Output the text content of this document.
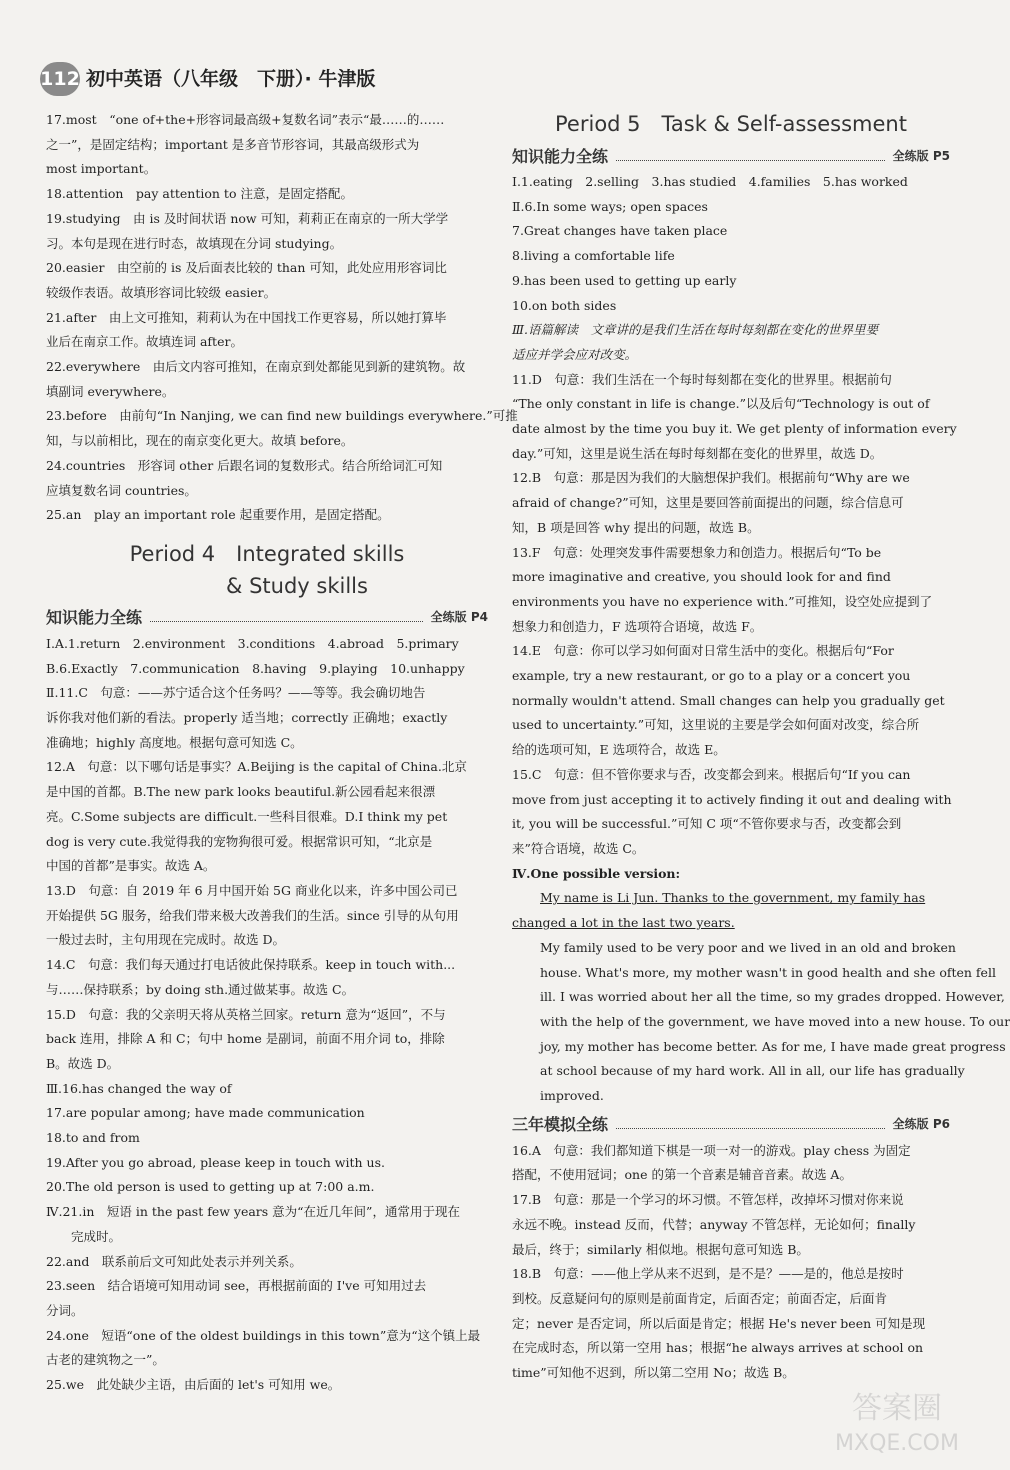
112 初中英语（八年级　下册）· 牛津版
17.most　“one of+the+形容词最高级+复数名词”表示“最……的……
之一”，是固定结构；important 是多音节形容词，其最高级形式为
most important。
18.attention　pay attention to 注意，是固定搭配。
19.studying　由 is 及时间状语 now 可知，莉莉正在南京的一所大学学
习。本句是现在进行时态，故填现在分词 studying。
20.easier　由空前的 is 及后面表比较的 than 可知，此处应用形容词比
较级作表语。故填形容词比较级 easier。
21.after　由上文可推知，莉莉认为在中国找工作更容易，所以她打算毕
业后在南京工作。故填连词 after。
22.everywhere　由后文内容可推知，在南京到处都能见到新的建筑物。故
填副词 everywhere。
23.before　由前句“In Nanjing, we can find new buildings everywhere.”可推
知，与以前相比，现在的南京变化更大。故填 before。
24.countries　形容词 other 后跟名词的复数形式。结合所给词汇可知
应填复数名词 countries。
25.an　play an important role 起重要作用，是固定搭配。
Period 4　Integrated skills
& Study skills
知识能力全练	全练版 P4
Ⅰ.A.1.return　2.environment　3.conditions　4.abroad　5.primary
B.6.Exactly　7.communication　8.having　9.playing　10.unhappy
Ⅱ.11.C　句意：——苏宁适合这个任务吗？——等等。我会确切地告
诉你我对他们新的看法。properly 适当地；correctly 正确地；exactly
准确地；highly 高度地。根据句意可知选 C。
12.A　句意：以下哪句话是事实？A.Beijing is the capital of China.北京
是中国的首都。B.The new park looks beautiful.新公园看起来很漂
亮。C.Some subjects are difficult.一些科目很难。D.I think my pet
dog is very cute.我觉得我的宠物狗很可爱。根据常识可知，“北京是
中国的首都”是事实。故选 A。
13.D　句意：自 2019 年 6 月中国开始 5G 商业化以来，许多中国公司已
开始提供 5G 服务，给我们带来极大改善我们的生活。since 引导的从句用
一般过去时，主句用现在完成时。故选 D。
14.C　句意：我们每天通过打电话彼此保持联系。keep in touch with...
与……保持联系；by doing sth.通过做某事。故选 C。
15.D　句意：我的父亲明天将从英格兰回家。return 意为“返回”，不与
back 连用，排除 A 和 C；句中 home 是副词，前面不用介词 to，排除
B。故选 D。
Ⅲ.16.has changed the way of
17.are popular among; have made communication
18.to and from
19.After you go abroad, please keep in touch with us.
20.The old person is used to getting up at 7:00 a.m.
Ⅳ.21.in　短语 in the past few years 意为“在近几年间”，通常用于现在
　　完成时。
22.and　联系前后文可知此处表示并列关系。
23.seen　结合语境可知用动词 see，再根据前面的 I've 可知用过去
分词。
24.one　短语“one of the oldest buildings in this town”意为“这个镇上最
古老的建筑物之一”。
25.we　此处缺少主语，由后面的 let's 可知用 we。
Period 5　Task & Self-assessment
知识能力全练	全练版 P5
Ⅰ.1.eating　2.selling　3.has studied　4.families　5.has worked
Ⅱ.6.In some ways; open spaces
7.Great changes have taken place
8.living a comfortable life
9.has been used to getting up early
10.on both sides
Ⅲ.语篇解读　文章讲的是我们生活在每时每刻都在变化的世界里要
适应并学会应对改变。
11.D　句意：我们生活在一个每时每刻都在变化的世界里。根据前句
“The only constant in life is change.”以及后句“Technology is out of
date almost by the time you buy it. We get plenty of information every
day.”可知，这里是说生活在每时每刻都在变化的世界里，故选 D。
12.B　句意：那是因为我们的大脑想保护我们。根据前句“Why are we
afraid of change?”可知，这里是要回答前面提出的问题，综合信息可
知，B 项是回答 why 提出的问题，故选 B。
13.F　句意：处理突发事件需要想象力和创造力。根据后句“To be
more imaginative and creative, you should look for and find
environments you have no experience with.”可推知，设空处应提到了
想象力和创造力，F 选项符合语境，故选 F。
14.E　句意：你可以学习如何面对日常生活中的变化。根据后句“For
example, try a new restaurant, or go to a play or a concert you
normally wouldn't attend. Small changes can help you gradually get
used to uncertainty.”可知，这里说的主要是学会如何面对改变，综合所
给的选项可知，E 选项符合，故选 E。
15.C　句意：但不管你要求与否，改变都会到来。根据后句“If you can
move from just accepting it to actively finding it out and dealing with
it, you will be successful.”可知 C 项“不管你要求与否，改变都会到
来”符合语境，故选 C。
Ⅳ.One possible version:
My name is Li Jun. Thanks to the government, my family has
changed a lot in the last two years.
My family used to be very poor and we lived in an old and broken
house. What's more, my mother wasn't in good health and she often fell
ill. I was worried about her all the time, so my grades dropped. However,
with the help of the government, we have moved into a new house. To our
joy, my mother has become better. As for me, I have made great progress
at school because of my hard work. All in all, our life has gradually
improved.
三年模拟全练	全练版 P6
16.A　句意：我们都知道下棋是一项一对一的游戏。play chess 为固定
搭配，不使用冠词；one 的第一个音素是辅音音素。故选 A。
17.B　句意：那是一个学习的坏习惯。不管怎样，改掉坏习惯对你来说
永远不晚。instead 反而，代替；anyway 不管怎样，无论如何；finally
最后，终于；similarly 相似地。根据句意可知选 B。
18.B　句意：——他上学从来不迟到，是不是？——是的，他总是按时
到校。反意疑问句的原则是前面肯定，后面否定；前面否定，后面肯
定；never 是否定词，所以后面是肯定；根据 He's never been 可知是现
在完成时态，所以第一空用 has；根据“he always arrives at school on
time”可知他不迟到，所以第二空用 No；故选 B。
答案圈
MXQE.COM
